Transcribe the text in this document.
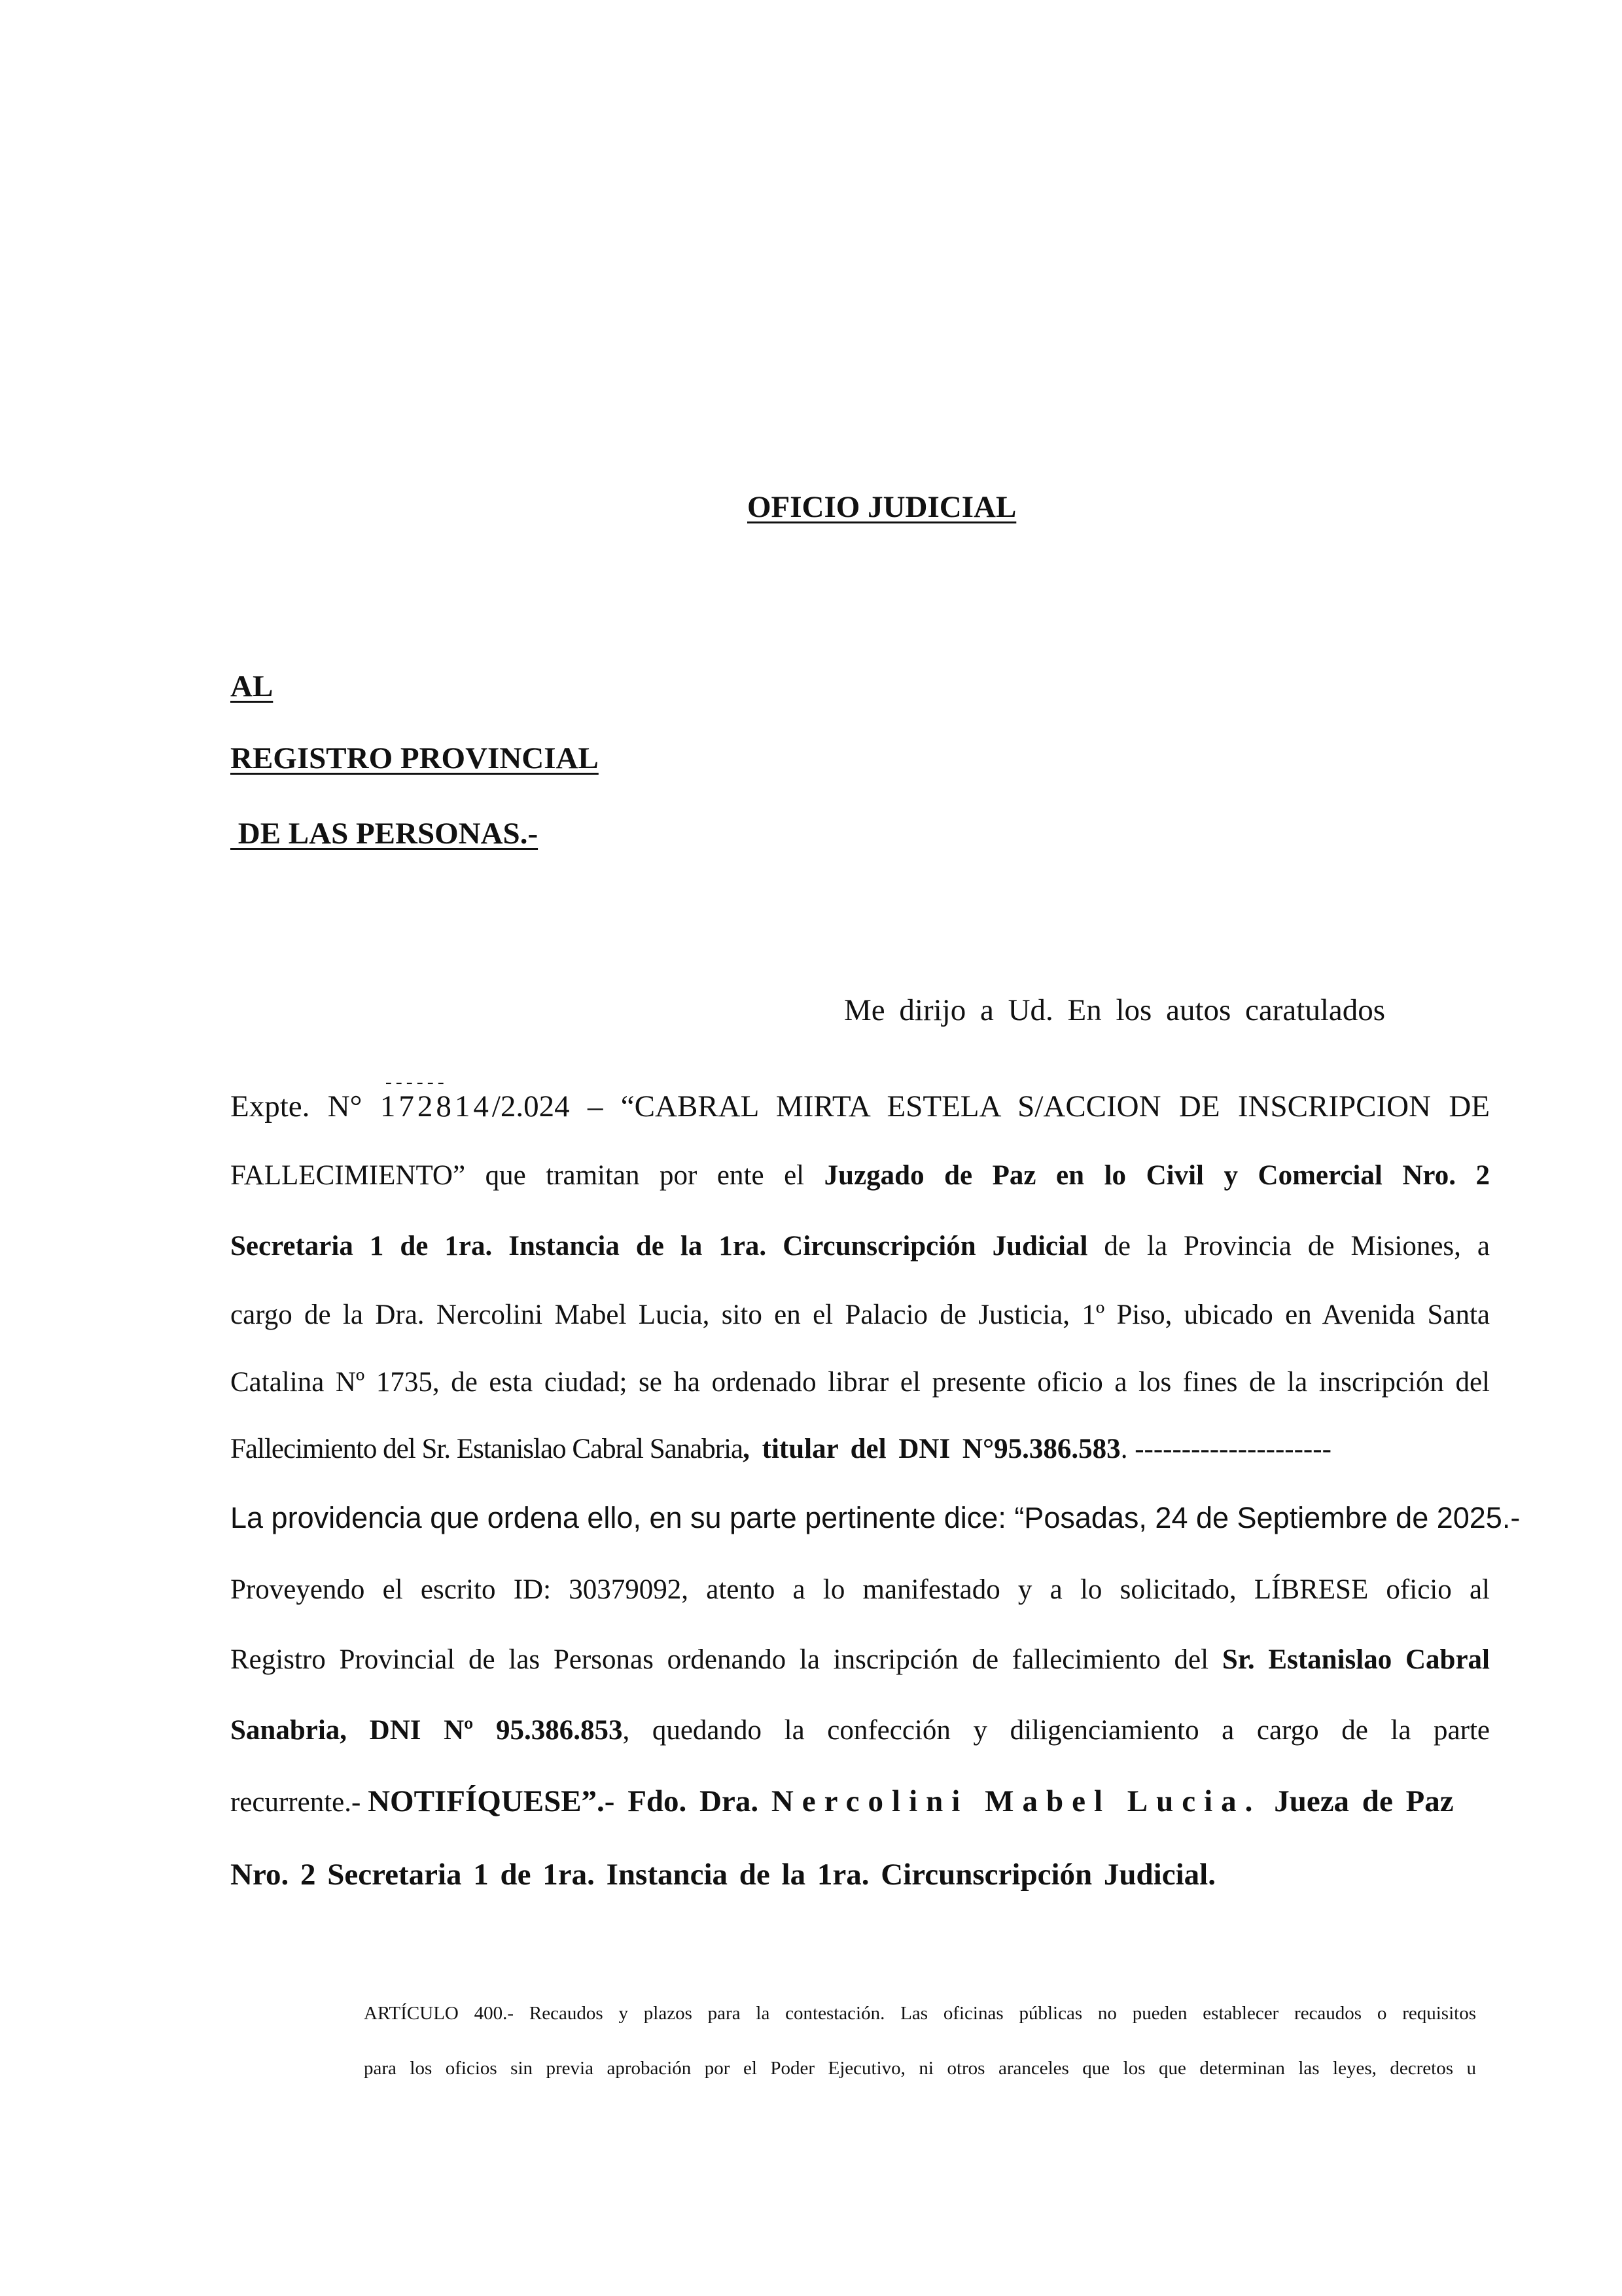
OFICIO JUDICIAL
AL
REGISTRO PROVINCIAL
DE LAS PERSONAS.-
Me dirijo a Ud. En los autos caratulados
Expte. N°
------
172814/2.024 – “CABRAL MIRTA ESTELA S/ACCION DE INSCRIPCION DE
FALLECIMIENTO” que tramitan por ente el Juzgado de Paz en lo Civil y Comercial Nro. 2
Secretaria 1 de 1ra. Instancia de la 1ra. Circunscripción Judicial de la Provincia de Misiones, a
cargo de la Dra. Nercolini Mabel Lucia, sito en el Palacio de Justicia, 1º Piso, ubicado en Avenida Santa
Catalina Nº 1735, de esta ciudad; se ha ordenado librar el presente oficio a los fines de la inscripción del
Fallecimiento del Sr. Estanislao Cabral Sanabria, titular del DNI N°95.386.583. ---------------------
La providencia que ordena ello, en su parte pertinente dice: “Posadas, 24 de Septiembre de 2025.-
Proveyendo el escrito ID: 30379092, atento a lo manifestado y a lo solicitado, LÍBRESE oficio al
Registro Provincial de las Personas ordenando la inscripción de fallecimiento del Sr. Estanislao Cabral
Sanabria, DNI Nº 95.386.853, quedando la confección y diligenciamiento a cargo de la parte
recurrente.- NOTIFÍQUESE”.- Fdo. Dra. Nercolini Mabel Lucia. Jueza de Paz
Nro. 2 Secretaria 1 de 1ra. Instancia de la 1ra. Circunscripción Judicial.
ARTÍCULO 400.- Recaudos y plazos para la contestación. Las oficinas públicas no pueden establecer recaudos o requisitos
para los oficios sin previa aprobación por el Poder Ejecutivo, ni otros aranceles que los que determinan las leyes, decretos u
